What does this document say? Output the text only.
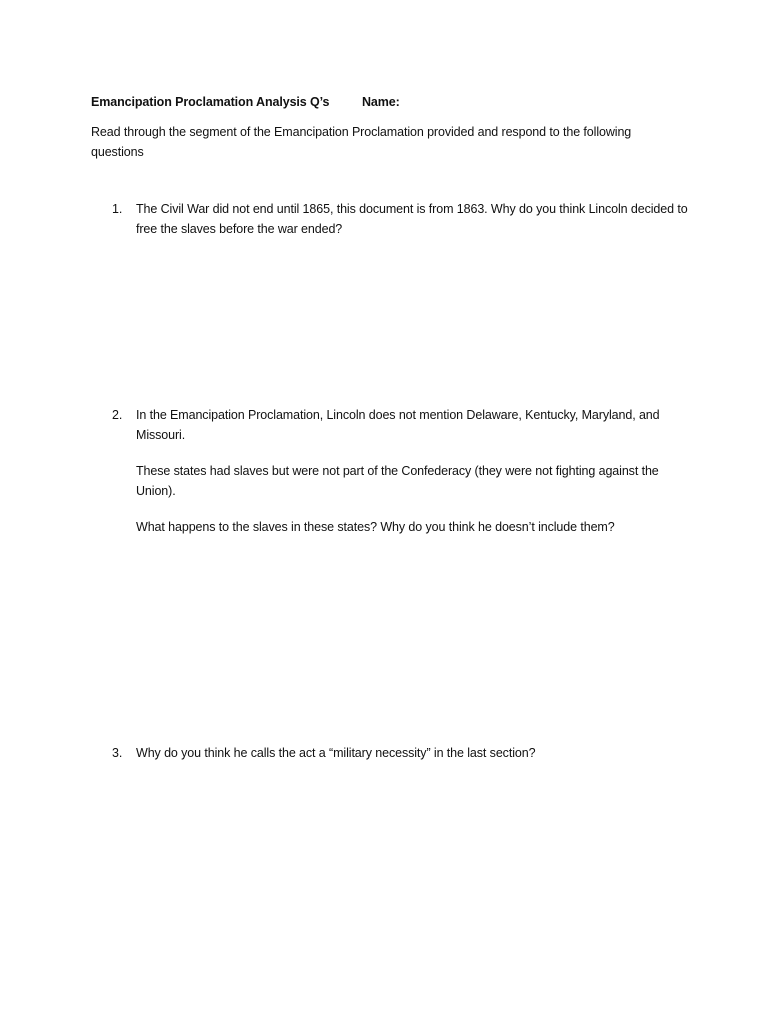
Emancipation Proclamation Analysis Q’s	Name:
Read through the segment of the Emancipation Proclamation provided and respond to the following questions
1.	The Civil War did not end until 1865, this document is from 1863. Why do you think Lincoln decided to free the slaves before the war ended?

2.	In the Emancipation Proclamation, Lincoln does not mention Delaware, Kentucky, Maryland, and Missouri.

These states had slaves but were not part of the Confederacy (they were not fighting against the Union).

What happens to the slaves in these states? Why do you think he doesn’t include them?

3.	Why do you think he calls the act a “military necessity” in the last section?
